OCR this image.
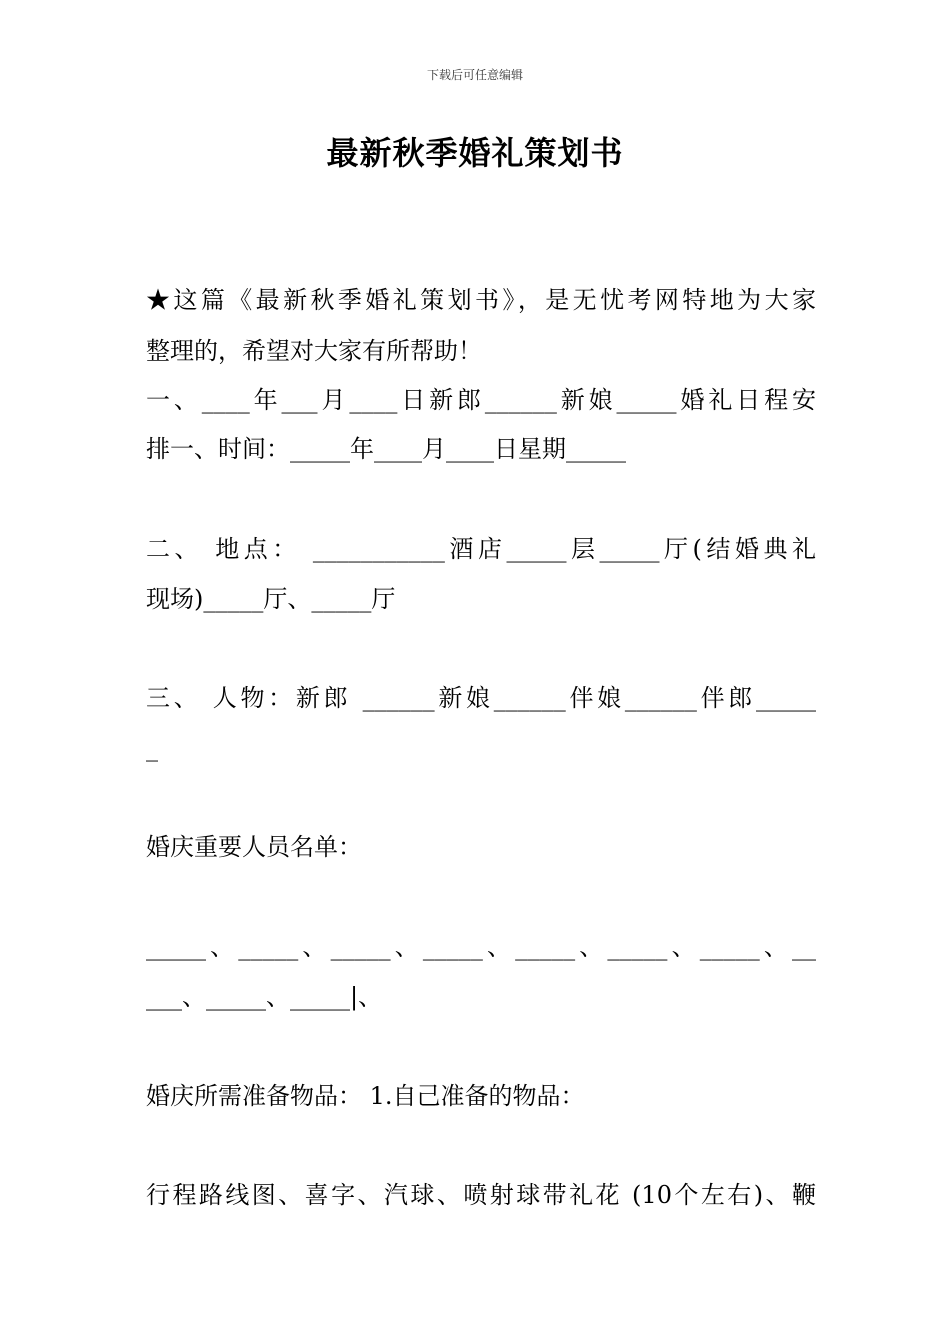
下载后可任意编辑
最新秋季婚礼策划书
★这篇《最新秋季婚礼策划书》，是无忧考网特地为大家
整理的，希望对大家有所帮助！
一、____年___月____日新郎______新娘_____婚礼日程安
排一、时间：_____年____月____日星期_____
二、 地点： ___________酒店_____层_____厅(结婚典礼
现场)_____厅、_____厅
三、 人物：新郎 ______新娘______伴娘______伴郎_____
_
婚庆重要人员名单：
_____、_____、_____、_____、_____、_____、_____、__
___、_____、_____|、
婚庆所需准备物品： 1.自己准备的物品：
行程路线图、喜字、汽球、喷射球带礼花 (10个左右)、鞭
